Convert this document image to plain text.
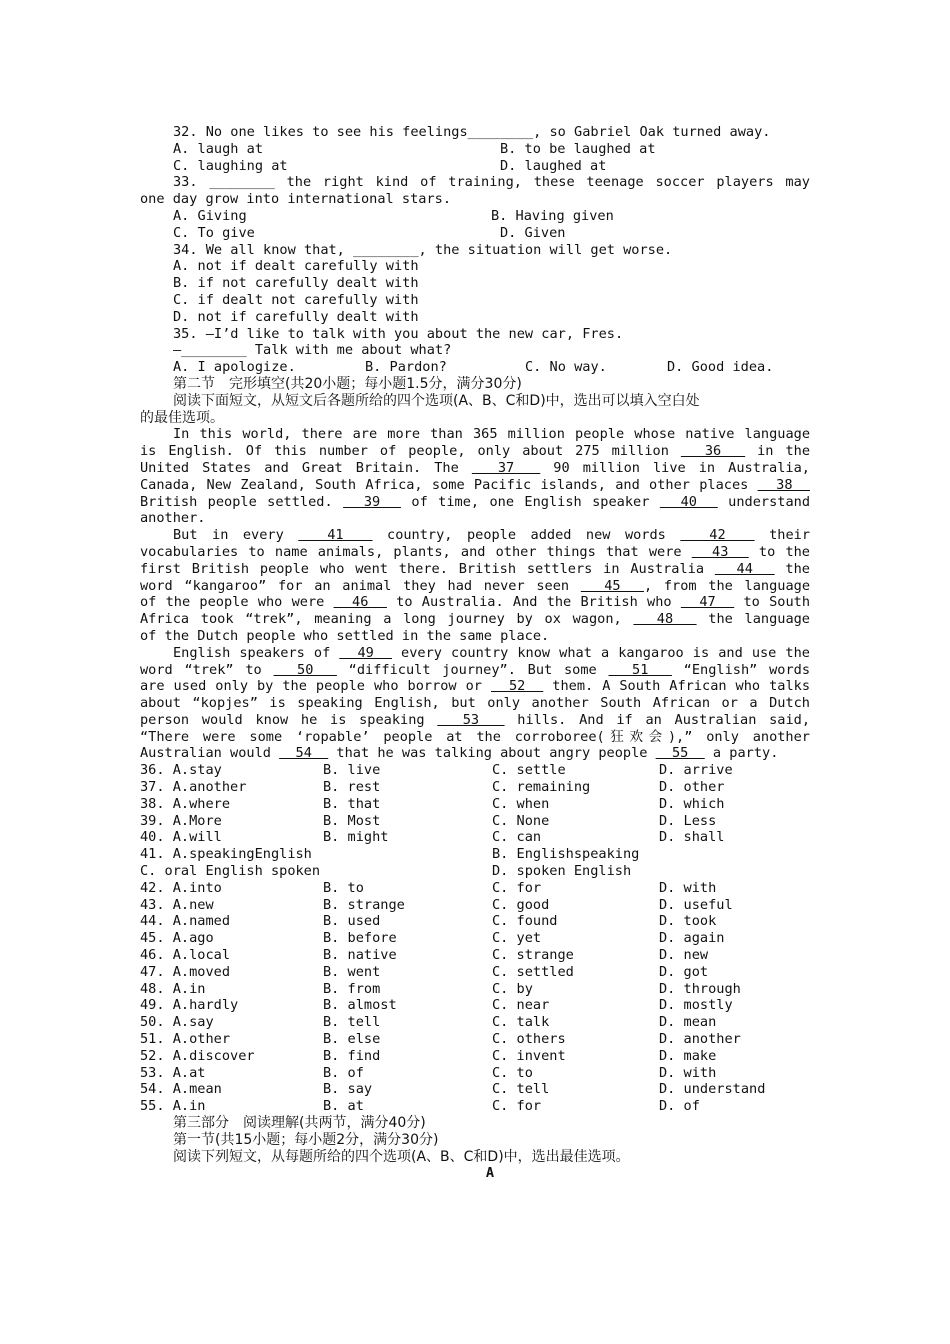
32. No one likes to see his feelings________, so Gabriel Oak turned away.

A. laugh at

	B. to be laughed at

C. laughing at

	D. laughed at

33. ________ the right kind of training, these teenage soccer players may
one day grow into international stars.

A. Giving

	B. Having given

C. To give

	D. Given

34. We all know that, ________, the situation will get worse.
A. not if dealt carefully with
B. if not carefully dealt with
C. if dealt not carefully with
D. not if carefully dealt with
35. —I’d like to talk with you about the new car, Fres.
—________ Talk with me about what?

A. I apologize.

	B. Pardon?

	C. No way.

	D. Good idea.

第二节　完形填空(共20小题；每小题1.5分，满分30分)
阅读下面短文，从短文后各题所给的四个选项(A、B、C和D)中，选出可以填入空白处
的最佳选项。
In this world, there are more than 365 million people whose native language
is English. Of this number of people, only about 275 million   36   in the
United States and Great Britain. The   37   90 million live in Australia,
Canada, New Zealand, South Africa, some Pacific islands, and other places   38
British people settled.   39   of time, one English speaker   40   understand
another.
But in every   41   country, people added new words   42   their
vocabularies to name animals, plants, and other things that were   43   to the
first British people who went there. British settlers in Australia   44   the
word “kangaroo” for an animal they had never seen   45  , from the language
of the people who were   46   to Australia. And the British who   47   to South
Africa took “trek”, meaning a long journey by ox wagon,   48   the language
of the Dutch people who settled in the same place.
English speakers of   49   every country know what a kangaroo is and use the
word “trek” to   50   “difficult journey”. But some   51   “English” words
are used only by the people who borrow or   52   them. A South African who talks
about “kopjes” is speaking English, but only another South African or a Dutch
person would know he is speaking   53   hills. And if an Australian said,
“There were some ‘ropable’ people at the corroboree(狂欢会),” only another
Australian would   54   that he was talking about angry people   55   a party.
36. A.stay	B. live	C. settle	D. arrive
37. A.another	B. rest	C. remaining	D. other
38. A.where	B. that	C. when	D. which
39. A.More	B. Most	C. None	D. Less
40. A.will	B. might	C. can	D. shall
41. A.speakingEnglish	B. Englishspeaking
C. oral English spoken	D. spoken English
42. A.into	B. to	C. for	D. with
43. A.new	B. strange	C. good	D. useful
44. A.named	B. used	C. found	D. took
45. A.ago	B. before	C. yet	D. again
46. A.local	B. native	C. strange	D. new
47. A.moved	B. went	C. settled	D. got
48. A.in	B. from	C. by	D. through
49. A.hardly	B. almost	C. near	D. mostly
50. A.say	B. tell	C. talk	D. mean
51. A.other	B. else	C. others	D. another
52. A.discover	B. find	C. invent	D. make
53. A.at	B. of	C. to	D. with
54. A.mean	B. say	C. tell	D. understand
55. A.in	B. at	C. for	D. of
第三部分　阅读理解(共两节，满分40分)
第一节(共15小题；每小题2分，满分30分)
阅读下列短文，从每题所给的四个选项(A、B、C和D)中，选出最佳选项。
A
